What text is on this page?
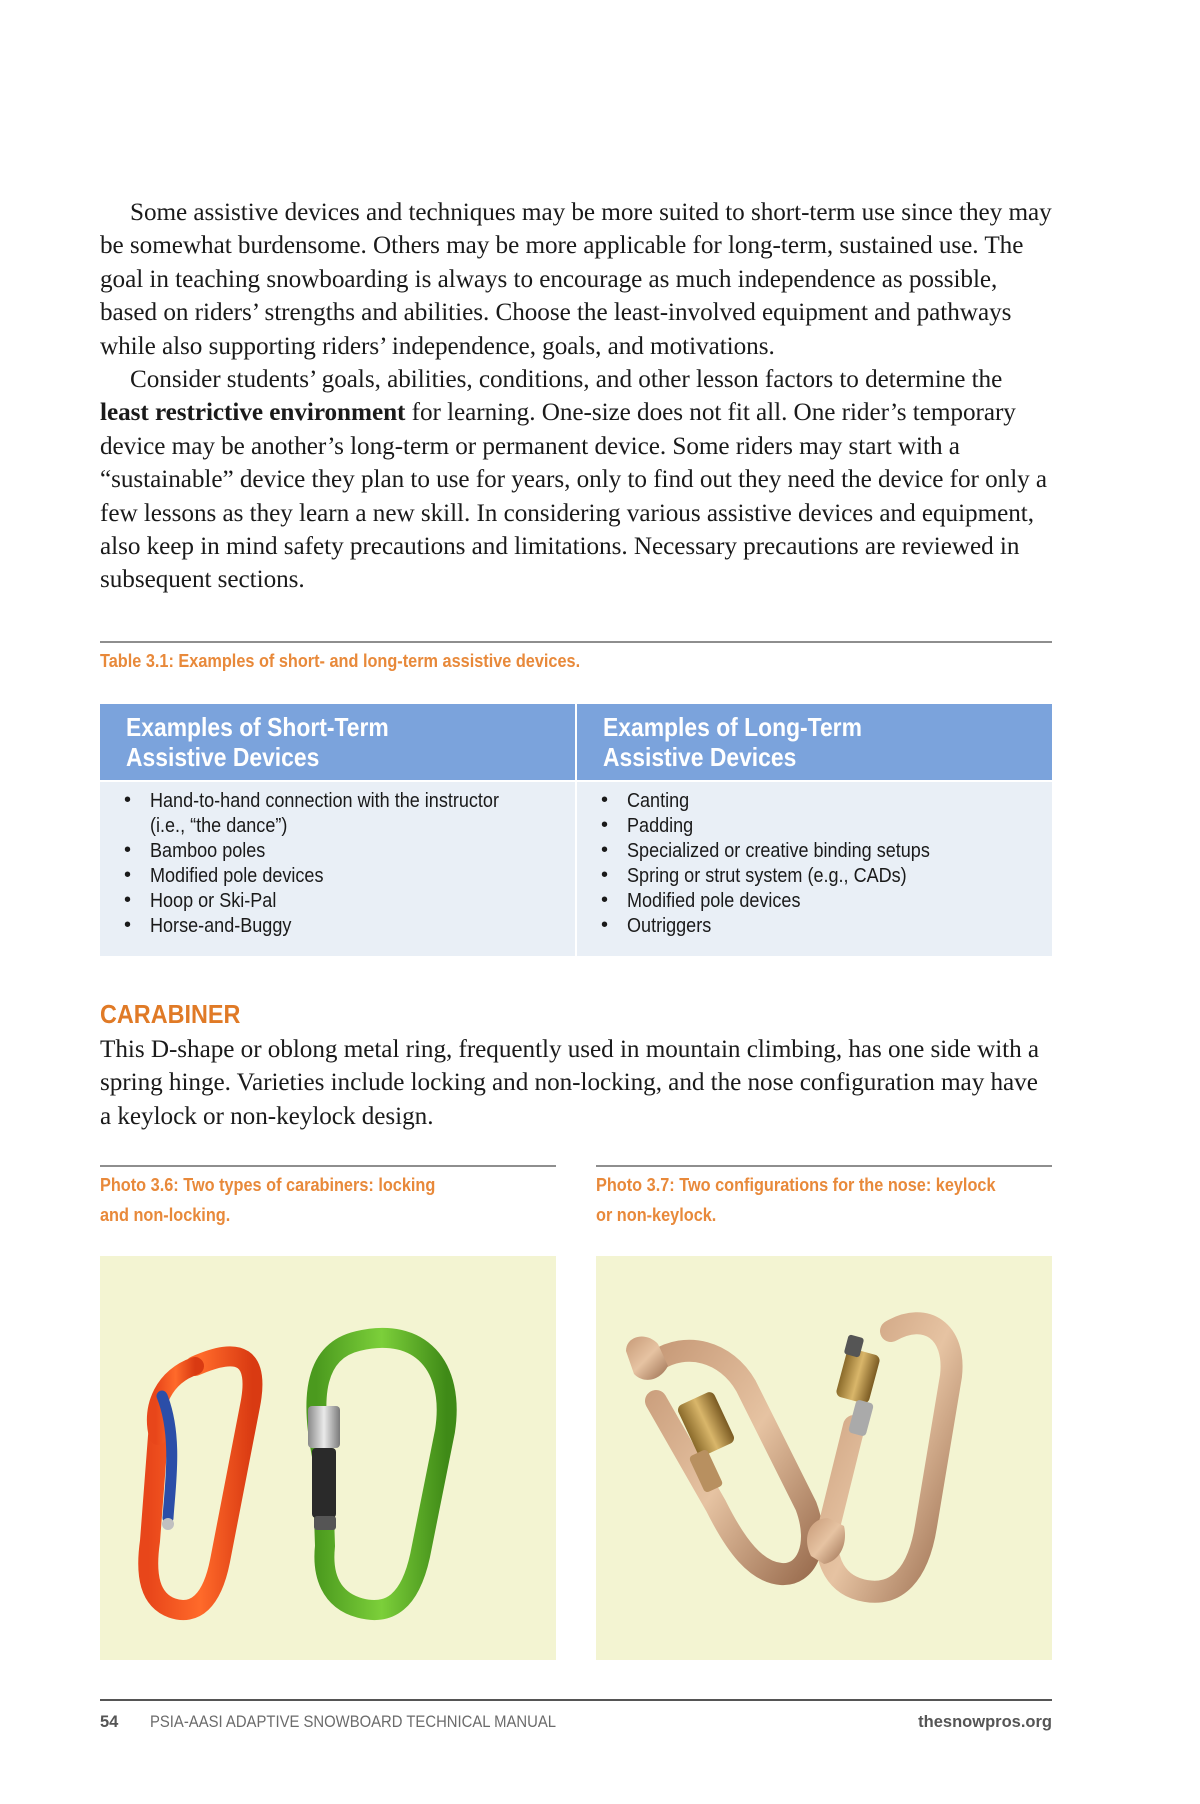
Some assistive devices and techniques may be more suited to short-term use since they may be somewhat burdensome. Others may be more applicable for long-term, sustained use. The goal in teaching snowboarding is always to encourage as much independence as possible, based on riders’ strengths and abilities. Choose the least-involved equipment and pathways while also supporting riders’ independence, goals, and motivations.

Consider students’ goals, abilities, conditions, and other lesson factors to determine the least restrictive environment for learning. One-size does not fit all. One rider’s temporary device may be another’s long-term or permanent device. Some riders may start with a “sustainable” device they plan to use for years, only to find out they need the device for only a few lessons as they learn a new skill. In considering various assistive devices and equipment, also keep in mind safety precautions and limitations. Necessary precautions are reviewed in subsequent sections.

Table 3.1: Examples of short- and long-term assistive devices.
Examples of Short-Term
Assistive Devices
• Hand-to-hand connection with the instructor
(i.e., “the dance”)
• Bamboo poles
• Modified pole devices
• Hoop or Ski-Pal
• Horse-and-Buggy
Examples of Long-Term
Assistive Devices
• Canting
• Padding
• Specialized or creative binding setups
• Spring or strut system (e.g., CADs)
• Modified pole devices
• Outriggers
CARABINER

This D-shape or oblong metal ring, frequently used in mountain climbing, has one side with a spring hinge. Varieties include locking and non-locking, and the nose configuration may have a keylock or non-keylock design.

Photo 3.6: Two types of carabiners: locking
and non-locking.
Photo 3.7: Two configurations for the nose: keylock
or non-keylock.
54 PSIA-AASI ADAPTIVE SNOWBOARD TECHNICAL MANUAL	thesnowpros.org
